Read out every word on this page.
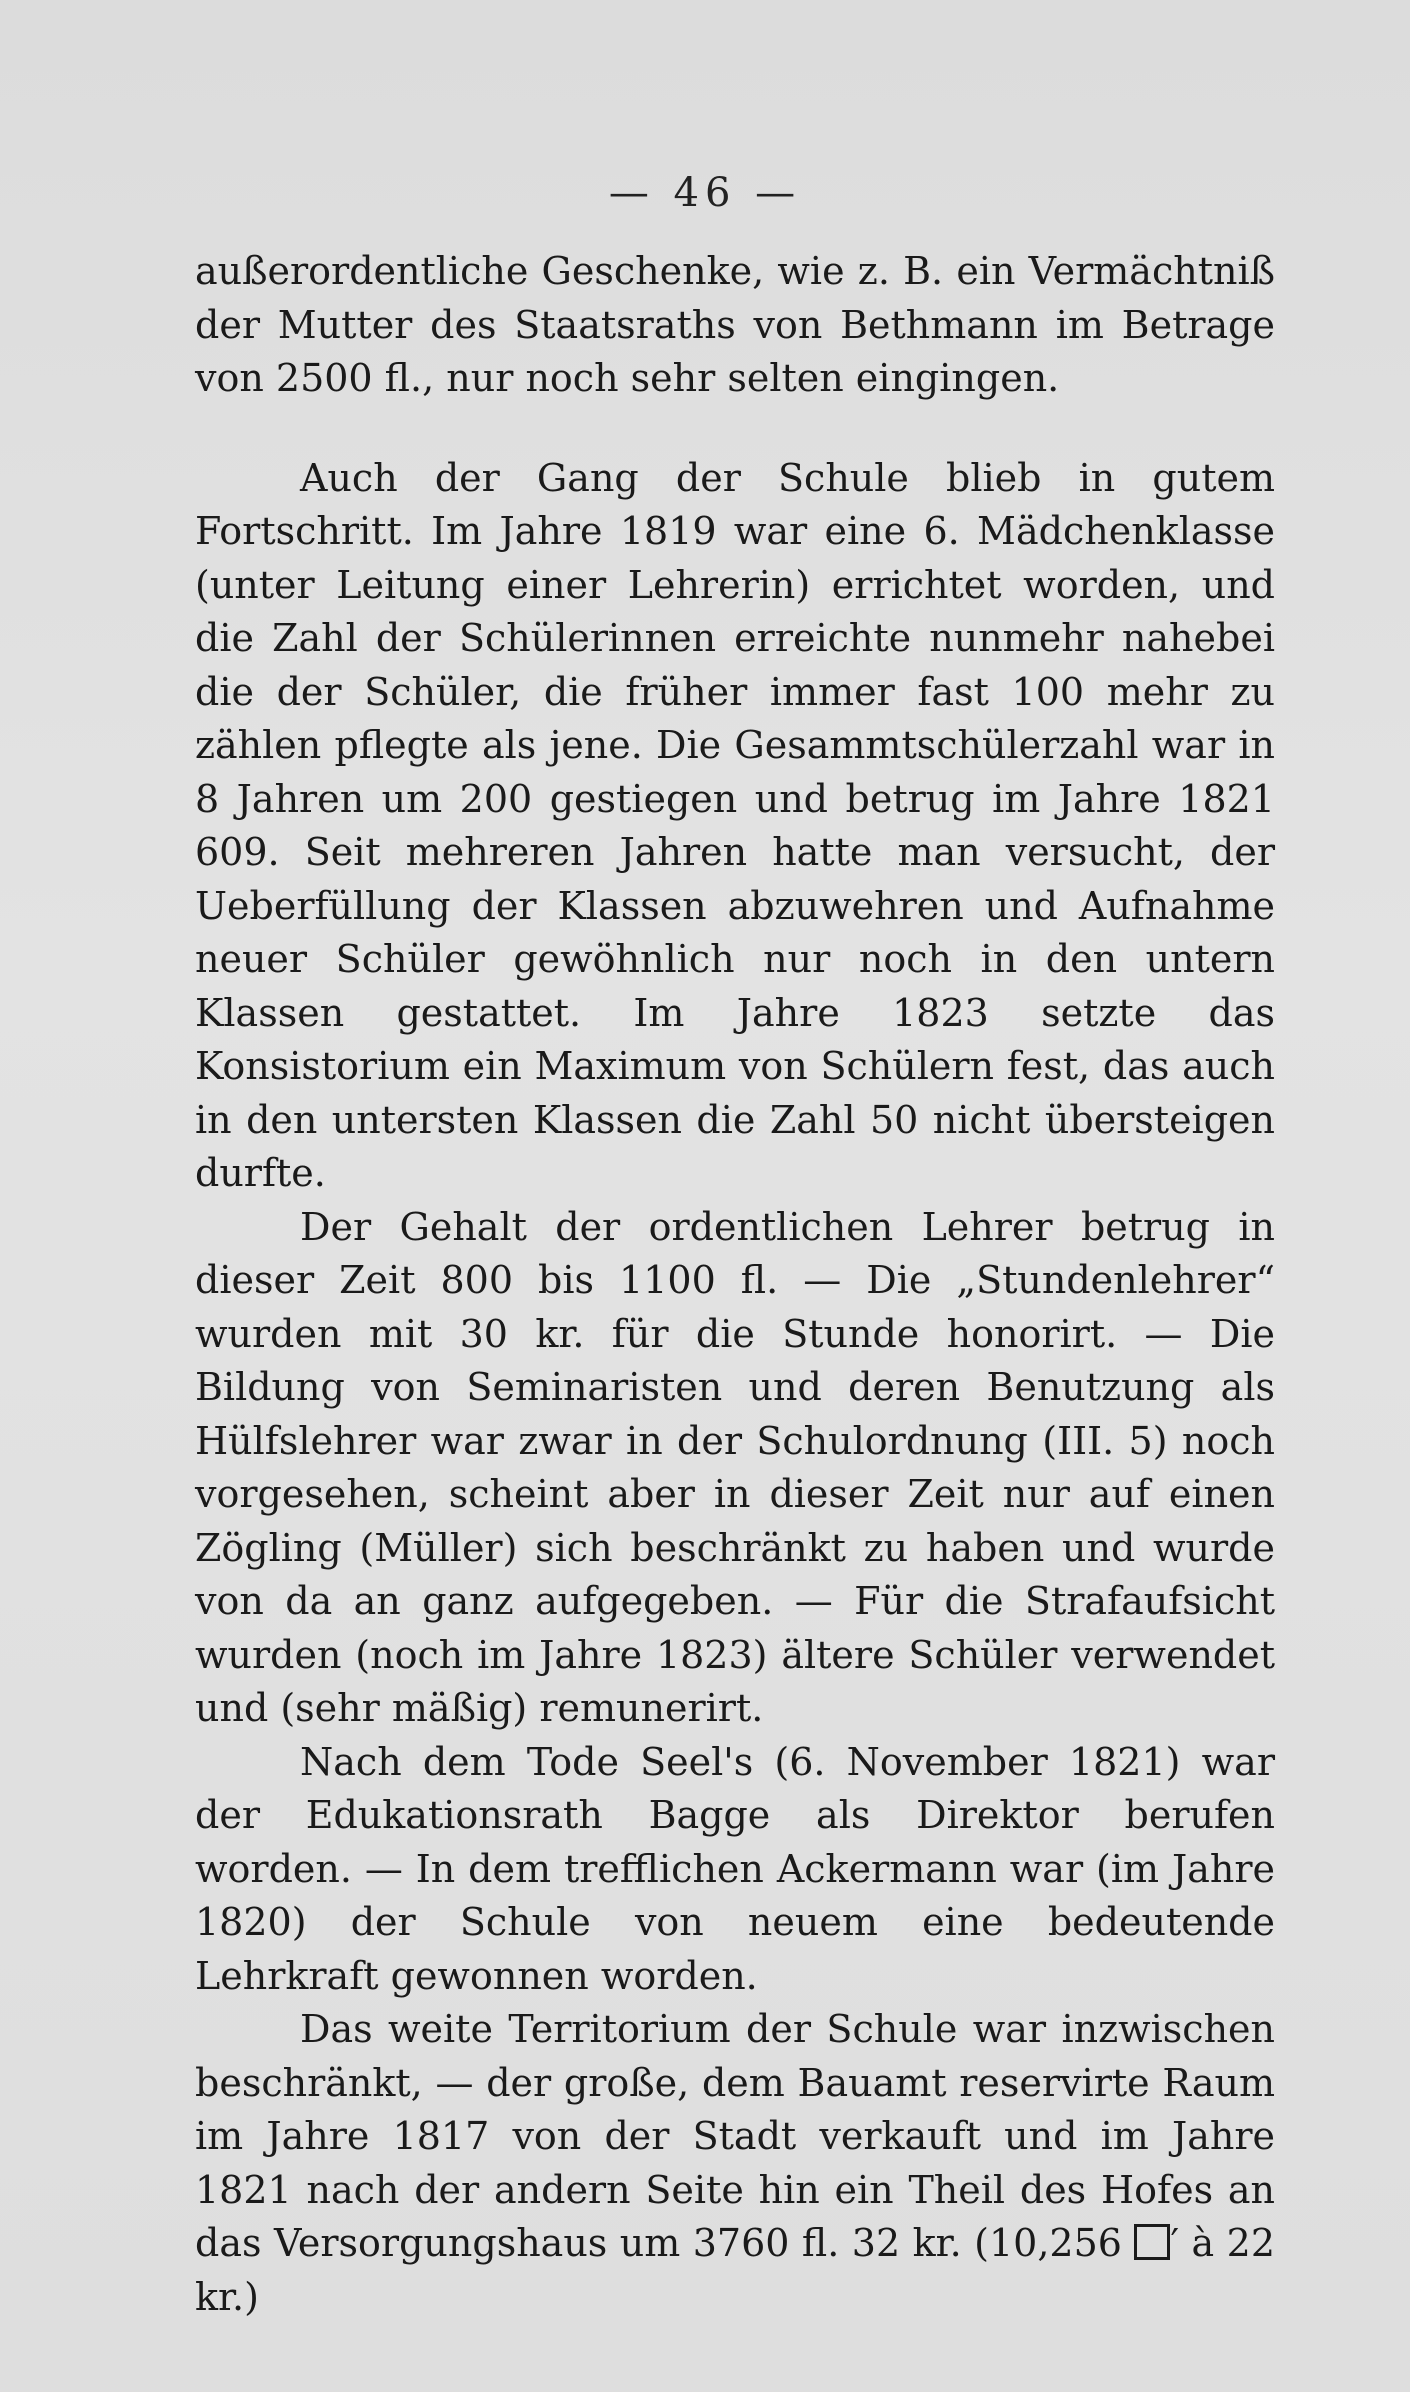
— 46 —

außerordentliche Geschenke, wie z. B. ein Vermächtniß der Mutter des Staatsraths von Bethmann im Betrage von 2500 fl., nur noch sehr selten eingingen.

Auch der Gang der Schule blieb in gutem Fortschritt. Im Jahre 1819 war eine 6. Mädchenklasse (unter Leitung einer Lehrerin) errichtet worden, und die Zahl der Schülerinnen erreichte nunmehr nahebei die der Schüler, die früher immer fast 100 mehr zu zählen pflegte als jene. Die Gesammtschülerzahl war in 8 Jahren um 200 gestiegen und betrug im Jahre 1821 609. Seit mehreren Jahren hatte man versucht, der Ueberfüllung der Klassen abzuwehren und Aufnahme neuer Schüler gewöhnlich nur noch in den untern Klassen gestattet. Im Jahre 1823 setzte das Konsistorium ein Maximum von Schülern fest, das auch in den untersten Klassen die Zahl 50 nicht übersteigen durfte.

Der Gehalt der ordentlichen Lehrer betrug in dieser Zeit 800 bis 1100 fl. — Die „Stundenlehrer“ wurden mit 30 kr. für die Stunde honorirt. — Die Bildung von Seminaristen und deren Benutzung als Hülfslehrer war zwar in der Schulordnung (III. 5) noch vorgesehen, scheint aber in dieser Zeit nur auf einen Zögling (Müller) sich beschränkt zu haben und wurde von da an ganz aufgegeben. — Für die Strafaufsicht wurden (noch im Jahre 1823) ältere Schüler verwendet und (sehr mäßig) remunerirt.

Nach dem Tode Seel's (6. November 1821) war der Edukationsrath Bagge als Direktor berufen worden. — In dem trefflichen Ackermann war (im Jahre 1820) der Schule von neuem eine bedeutende Lehrkraft gewonnen worden.

Das weite Territorium der Schule war inzwischen beschränkt, — der große, dem Bauamt reservirte Raum im Jahre 1817 von der Stadt verkauft und im Jahre 1821 nach der andern Seite hin ein Theil des Hofes an das Versorgungshaus um 3760 fl. 32 kr. (10,256 ′ à 22 kr.)
